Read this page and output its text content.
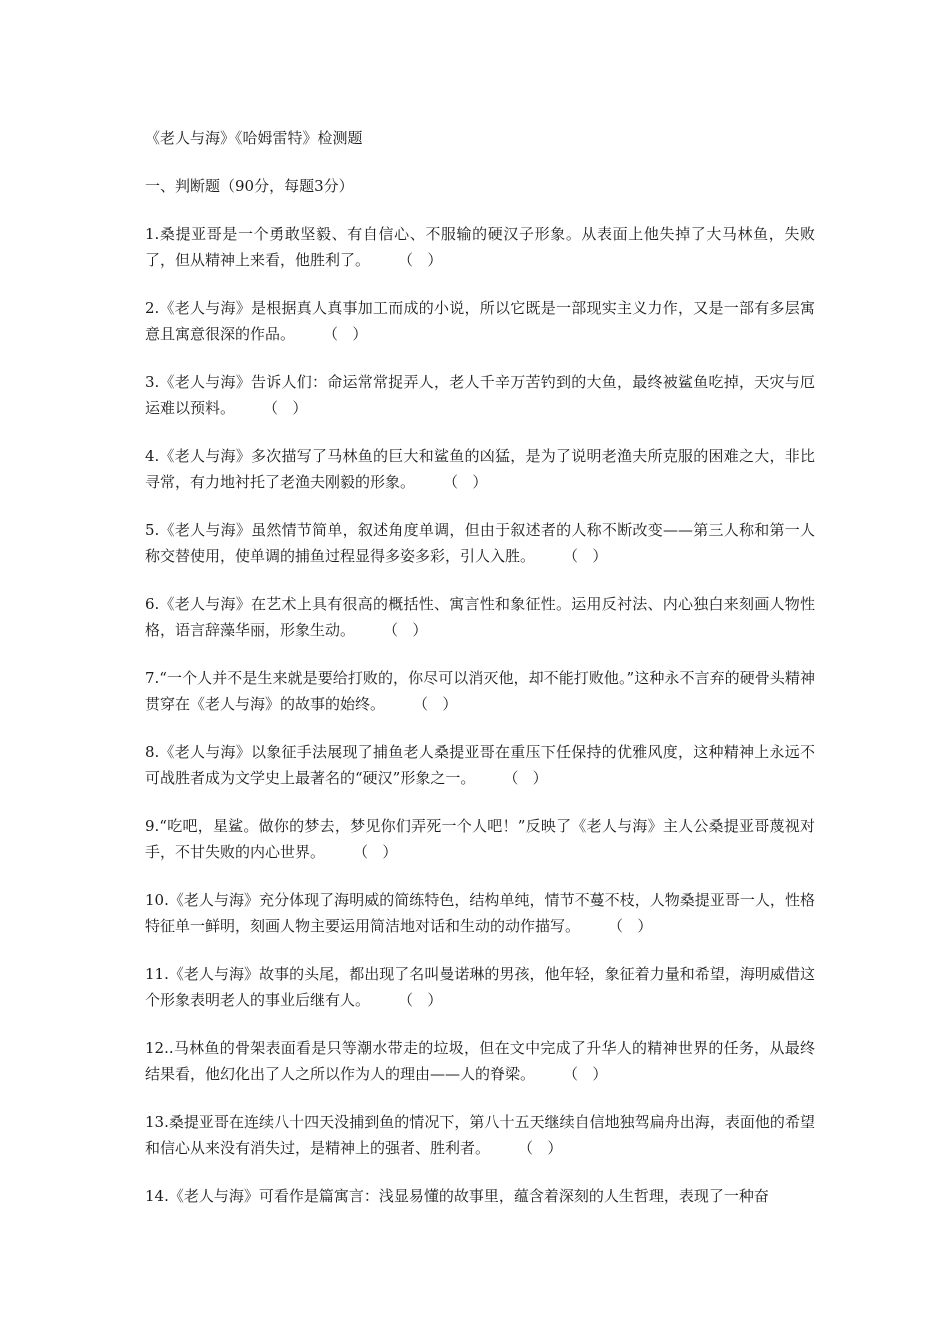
《老人与海》《哈姆雷特》检测题

一、判断题（90分，每题3分）

1.桑提亚哥是一个勇敢坚毅、有自信心、不服输的硬汉子形象。从表面上他失掉了大马林鱼，失败了，但从精神上来看，他胜利了。 （   ）

2.《老人与海》是根据真人真事加工而成的小说，所以它既是一部现实主义力作，又是一部有多层寓意且寓意很深的作品。 （   ）

3.《老人与海》告诉人们：命运常常捉弄人，老人千辛万苦钓到的大鱼，最终被鲨鱼吃掉，天灾与厄运难以预料。 （   ）

4.《老人与海》多次描写了马林鱼的巨大和鲨鱼的凶猛，是为了说明老渔夫所克服的困难之大，非比寻常，有力地衬托了老渔夫刚毅的形象。 （   ）

5.《老人与海》虽然情节简单，叙述角度单调，但由于叙述者的人称不断改变——第三人称和第一人称交替使用，使单调的捕鱼过程显得多姿多彩，引人入胜。 （   ）

6.《老人与海》在艺术上具有很高的概括性、寓言性和象征性。运用反衬法、内心独白来刻画人物性格，语言辞藻华丽，形象生动。 （   ）

7.“一个人并不是生来就是要给打败的，你尽可以消灭他，却不能打败他。”这种永不言弃的硬骨头精神贯穿在《老人与海》的故事的始终。 （   ）

8.《老人与海》以象征手法展现了捕鱼老人桑提亚哥在重压下任保持的优雅风度，这种精神上永远不可战胜者成为文学史上最著名的“硬汉”形象之一。 （   ）

9.“吃吧，星鲨。做你的梦去，梦见你们弄死一个人吧！”反映了《老人与海》主人公桑提亚哥蔑视对手，不甘失败的内心世界。 （   ）

10.《老人与海》充分体现了海明威的简练特色，结构单纯，情节不蔓不枝，人物桑提亚哥一人，性格特征单一鲜明，刻画人物主要运用简洁地对话和生动的动作描写。 （   ）

11.《老人与海》故事的头尾，都出现了名叫曼诺琳的男孩，他年轻，象征着力量和希望，海明威借这个形象表明老人的事业后继有人。 （   ）

12..马林鱼的骨架表面看是只等潮水带走的垃圾，但在文中完成了升华人的精神世界的任务，从最终结果看，他幻化出了人之所以作为人的理由——人的脊梁。 （   ）

13.桑提亚哥在连续八十四天没捕到鱼的情况下，第八十五天继续自信地独驾扁舟出海，表面他的希望和信心从来没有消失过，是精神上的强者、胜利者。 （   ）

14.《老人与海》可看作是篇寓言：浅显易懂的故事里，蕴含着深刻的人生哲理，表现了一种奋
